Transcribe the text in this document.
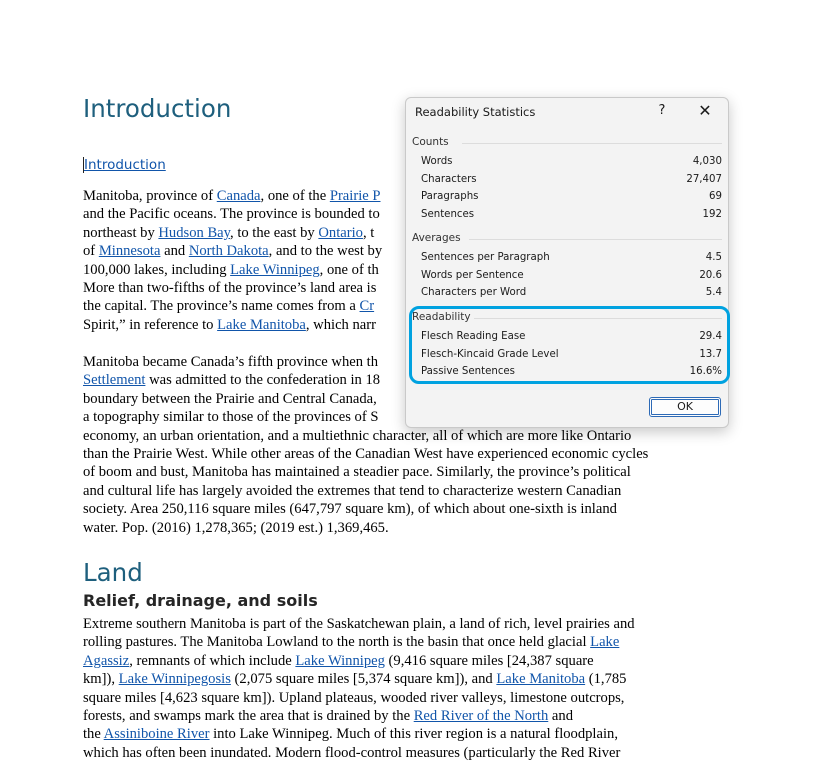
Introduction
Introduction
Manitoba, province of Canada, one of the Prairie P
and the Pacific oceans. The province is bounded to
northeast by Hudson Bay, to the east by Ontario, t
of Minnesota and North Dakota, and to the west by
100,000 lakes, including Lake Winnipeg, one of th
More than two-fifths of the province’s land area is
the capital. The province’s name comes from a Cr
Spirit,” in reference to Lake Manitoba, which narr
Manitoba became Canada’s fifth province when th
Settlement was admitted to the confederation in 18
boundary between the Prairie and Central Canada,
a topography similar to those of the provinces of S
economy, an urban orientation, and a multiethnic character, all of which are more like Ontario
than the Prairie West. While other areas of the Canadian West have experienced economic cycles
of boom and bust, Manitoba has maintained a steadier pace. Similarly, the province’s political
and cultural life has largely avoided the extremes that tend to characterize western Canadian
society. Area 250,116 square miles (647,797 square km), of which about one-sixth is inland
water. Pop. (2016) 1,278,365; (2019 est.) 1,369,465.
Land
Relief, drainage, and soils
Extreme southern Manitoba is part of the Saskatchewan plain, a land of rich, level prairies and
rolling pastures. The Manitoba Lowland to the north is the basin that once held glacial Lake
Agassiz, remnants of which include Lake Winnipeg (9,416 square miles [24,387 square
km]), Lake Winnipegosis (2,075 square miles [5,374 square km]), and Lake Manitoba (1,785
square miles [4,623 square km]). Upland plateaus, wooded river valleys, limestone outcrops,
forests, and swamps mark the area that is drained by the Red River of the North and
the Assiniboine River into Lake Winnipeg. Much of this river region is a natural floodplain,
which has often been inundated. Modern flood-control measures (particularly the Red River
Readability Statistics	? ✕
Counts
Words	4,030
Characters	27,407
Paragraphs	69
Sentences	192
Averages
Sentences per Paragraph	4.5
Words per Sentence	20.6
Characters per Word	5.4
Readability
Flesch Reading Ease	29.4
Flesch-Kincaid Grade Level	13.7
Passive Sentences	16.6%
OK
